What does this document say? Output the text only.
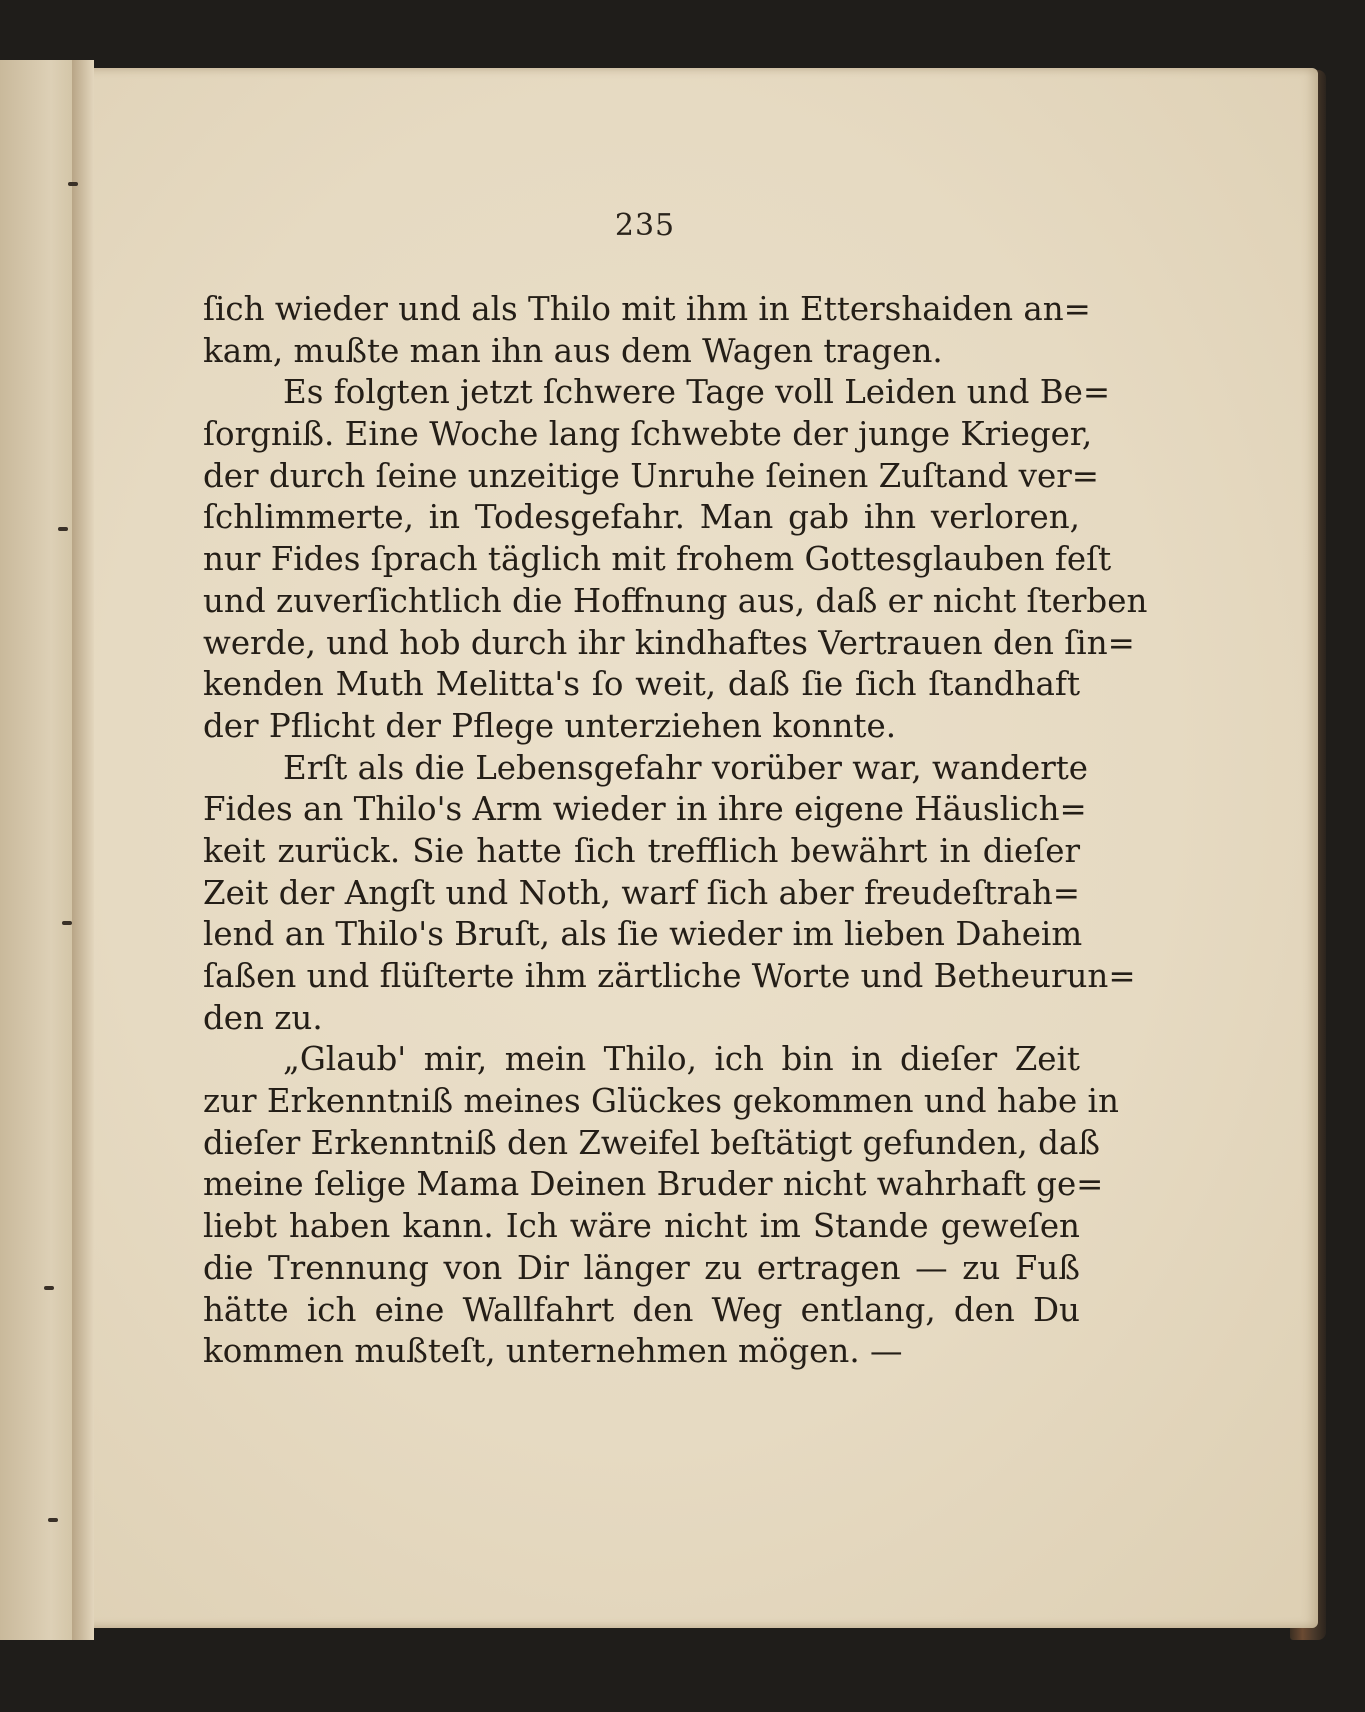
235
ſich wieder und als Thilo mit ihm in Ettershaiden an=
kam, mußte man ihn aus dem Wagen tragen.
Es folgten jetzt ſchwere Tage voll Leiden und Be=
ſorgniß. Eine Woche lang ſchwebte der junge Krieger,
der durch ſeine unzeitige Unruhe ſeinen Zuſtand ver=
ſchlimmerte, in Todesgefahr. Man gab ihn verloren,
nur Fides ſprach täglich mit frohem Gottesglauben feſt
und zuverſichtlich die Hoffnung aus, daß er nicht ſterben
werde, und hob durch ihr kindhaftes Vertrauen den ſin=
kenden Muth Melitta's ſo weit, daß ſie ſich ſtandhaft
der Pflicht der Pflege unterziehen konnte.
Erſt als die Lebensgefahr vorüber war, wanderte
Fides an Thilo's Arm wieder in ihre eigene Häuslich=
keit zurück. Sie hatte ſich trefflich bewährt in dieſer
Zeit der Angſt und Noth, warf ſich aber freudeſtrah=
lend an Thilo's Bruſt, als ſie wieder im lieben Daheim
ſaßen und flüſterte ihm zärtliche Worte und Betheurun=
den zu.
„Glaub' mir, mein Thilo, ich bin in dieſer Zeit
zur Erkenntniß meines Glückes gekommen und habe in
dieſer Erkenntniß den Zweifel beſtätigt gefunden, daß
meine ſelige Mama Deinen Bruder nicht wahrhaft ge=
liebt haben kann. Ich wäre nicht im Stande geweſen
die Trennung von Dir länger zu ertragen — zu Fuß
hätte ich eine Wallfahrt den Weg entlang, den Du
kommen mußteſt, unternehmen mögen. —
